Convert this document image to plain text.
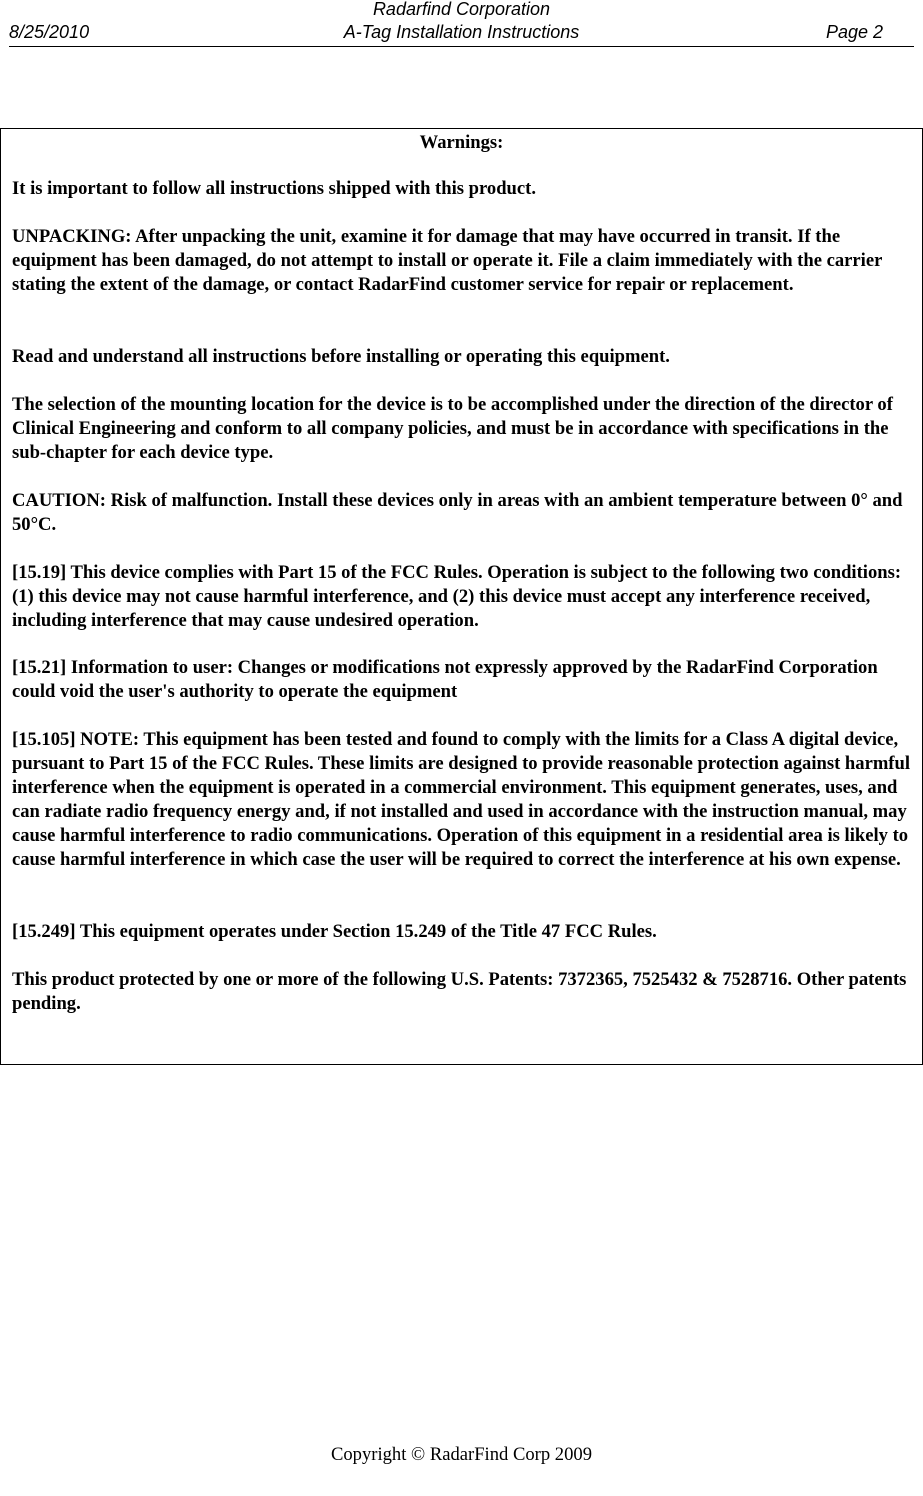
Radarfind Corporation
8/25/2010	A-Tag Installation Instructions	Page 2
Warnings:

It is important to follow all instructions shipped with this product.

UNPACKING: After unpacking the unit, examine it for damage that may have occurred in transit. If the equipment has been damaged, do not attempt to install or operate it. File a claim immediately with the carrier stating the extent of the damage, or contact RadarFind customer service for repair or replacement.

Read and understand all instructions before installing or operating this equipment.

The selection of the mounting location for the device is to be accomplished under the direction of the director of Clinical Engineering and conform to all company policies, and must be in accordance with specifications in the sub-chapter for each device type.

CAUTION: Risk of malfunction. Install these devices only in areas with an ambient temperature between 0° and 50°C.

[15.19] This device complies with Part 15 of the FCC Rules. Operation is subject to the following two conditions: (1) this device may not cause harmful interference, and (2) this device must accept any interference received, including interference that may cause undesired operation.

[15.21] Information to user: Changes or modifications not expressly approved by the RadarFind Corporation could void the user's authority to operate the equipment

[15.105] NOTE: This equipment has been tested and found to comply with the limits for a Class A digital device, pursuant to Part 15 of the FCC Rules. These limits are designed to provide reasonable protection against harmful interference when the equipment is operated in a commercial environment. This equipment generates, uses, and can radiate radio frequency energy and, if not installed and used in accordance with the instruction manual, may cause harmful interference to radio communications. Operation of this equipment in a residential area is likely to cause harmful interference in which case the user will be required to correct the interference at his own expense.

[15.249] This equipment operates under Section 15.249 of the Title 47 FCC Rules.

This product protected by one or more of the following U.S. Patents: 7372365, 7525432 & 7528716. Other patents pending.

Copyright © RadarFind Corp 2009
